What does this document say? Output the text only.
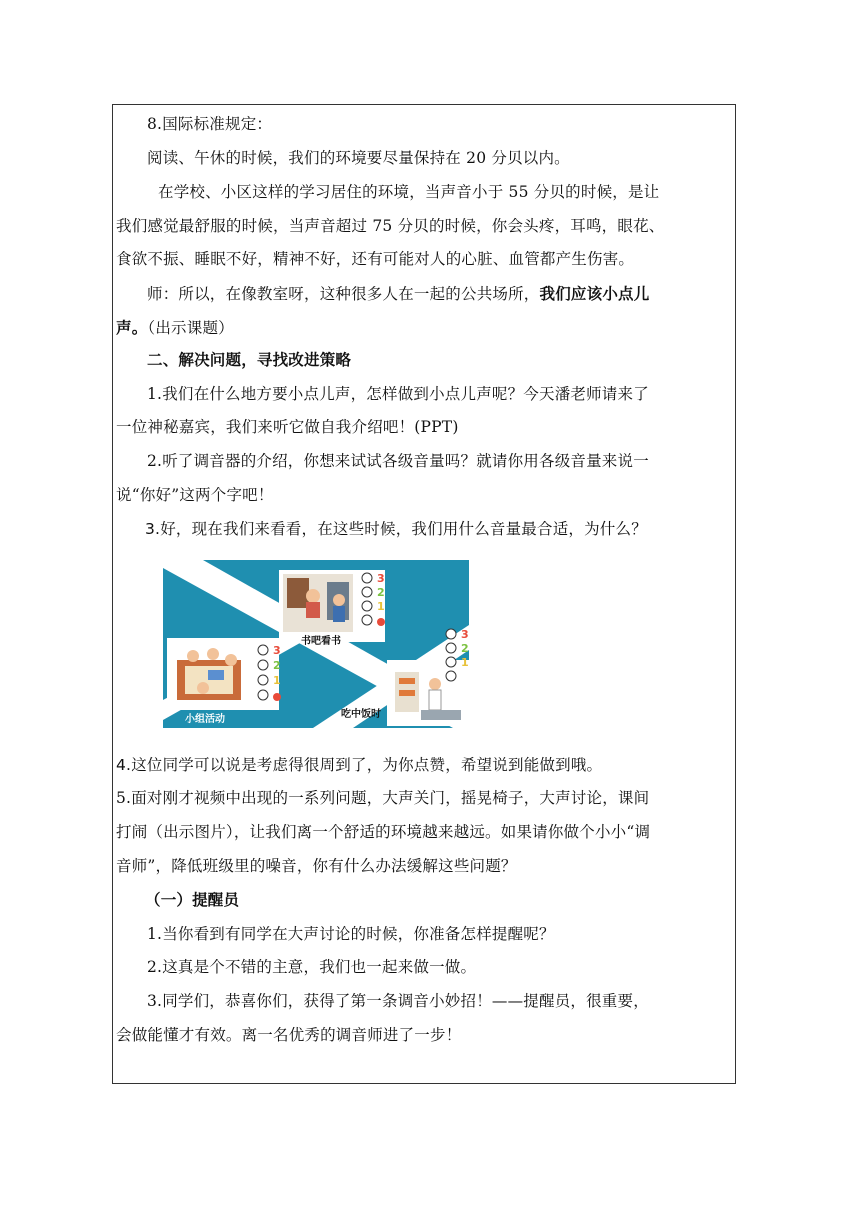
8.国际标准规定：
阅读、午休的时候，我们的环境要尽量保持在 20 分贝以内。
在学校、小区这样的学习居住的环境，当声音小于 55 分贝的时候，是让
我们感觉最舒服的时候，当声音超过 75 分贝的时候，你会头疼，耳鸣，眼花、
食欲不振、睡眠不好，精神不好，还有可能对人的心脏、血管都产生伤害。
师：所以，在像教室呀，这种很多人在一起的公共场所，我们应该小点儿
声。（出示课题）
二、解决问题，寻找改进策略
1.我们在什么地方要小点儿声，怎样做到小点儿声呢？今天潘老师请来了
一位神秘嘉宾，我们来听它做自我介绍吧！(PPT)
2.听了调音器的介绍，你想来试试各级音量吗？就请你用各级音量来说一
说“你好”这两个字吧！
3.好，现在我们来看看，在这些时候，我们用什么音量最合适，为什么？
3
2
1
书吧看书
3
2
1
小组活动
3
2
1
吃中饭时
4.这位同学可以说是考虑得很周到了，为你点赞，希望说到能做到哦。
5.面对刚才视频中出现的一系列问题，大声关门，摇晃椅子，大声讨论，课间
打闹（出示图片），让我们离一个舒适的环境越来越远。如果请你做个小小“调
音师”，降低班级里的噪音，你有什么办法缓解这些问题？
（一）提醒员
1.当你看到有同学在大声讨论的时候，你准备怎样提醒呢？
2.这真是个不错的主意，我们也一起来做一做。
3.同学们，恭喜你们，获得了第一条调音小妙招！——提醒员，很重要，
会做能懂才有效。离一名优秀的调音师进了一步！
